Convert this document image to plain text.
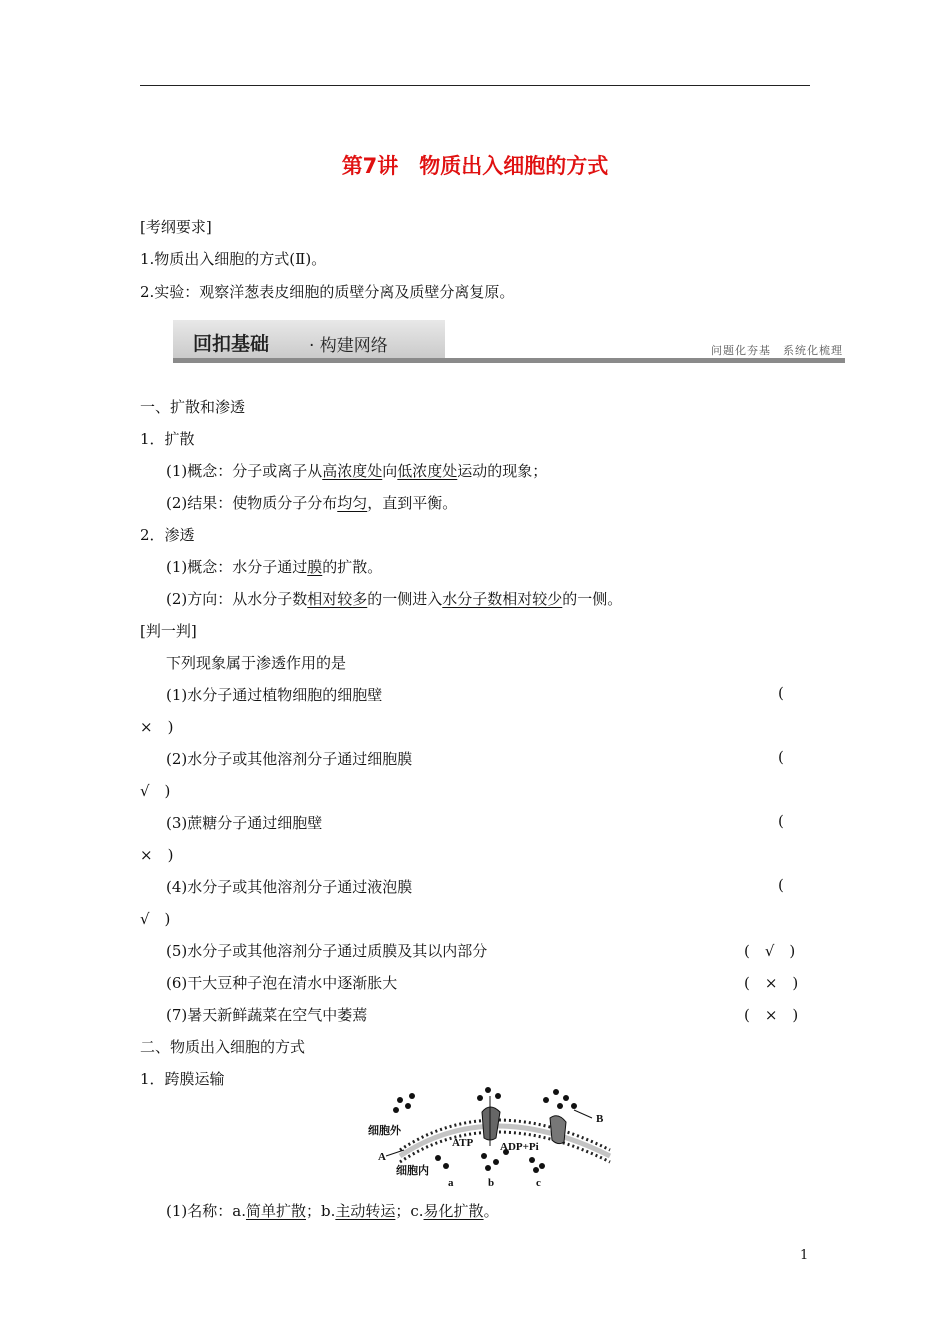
第7讲　物质出入细胞的方式
[考纲要求]
1.物质出入细胞的方式(Ⅱ)。
2.实验：观察洋葱表皮细胞的质壁分离及质壁分离复原。
回扣基础 · 构建网络	问题化夯基　系统化梳理
一、扩散和渗透
1．扩散
(1)概念：分子或离子从高浓度处向低浓度处运动的现象；
(2)结果：使物质分子分布均匀，直到平衡。
2．渗透
(1)概念：水分子通过膜的扩散。
(2)方向：从水分子数相对较多的一侧进入水分子数相对较少的一侧。
[判一判]
下列现象属于渗透作用的是
(1)水分子通过植物细胞的细胞壁	(
×　)
(2)水分子或其他溶剂分子通过细胞膜	(
√　)
(3)蔗糖分子通过细胞壁	(
×　)
(4)水分子或其他溶剂分子通过液泡膜	(
√　)
(5)水分子或其他溶剂分子通过质膜及其以内部分	(　√　)
(6)干大豆种子泡在清水中逐渐胀大	(　×　)
(7)暑天新鲜蔬菜在空气中萎蔫	(　×　)
二、物质出入细胞的方式
1．跨膜运输
细胞外
细胞内
ATP ADP+Pi
A
B
a	b	c
(1)名称：a.简单扩散；b.主动转运；c.易化扩散。
1
